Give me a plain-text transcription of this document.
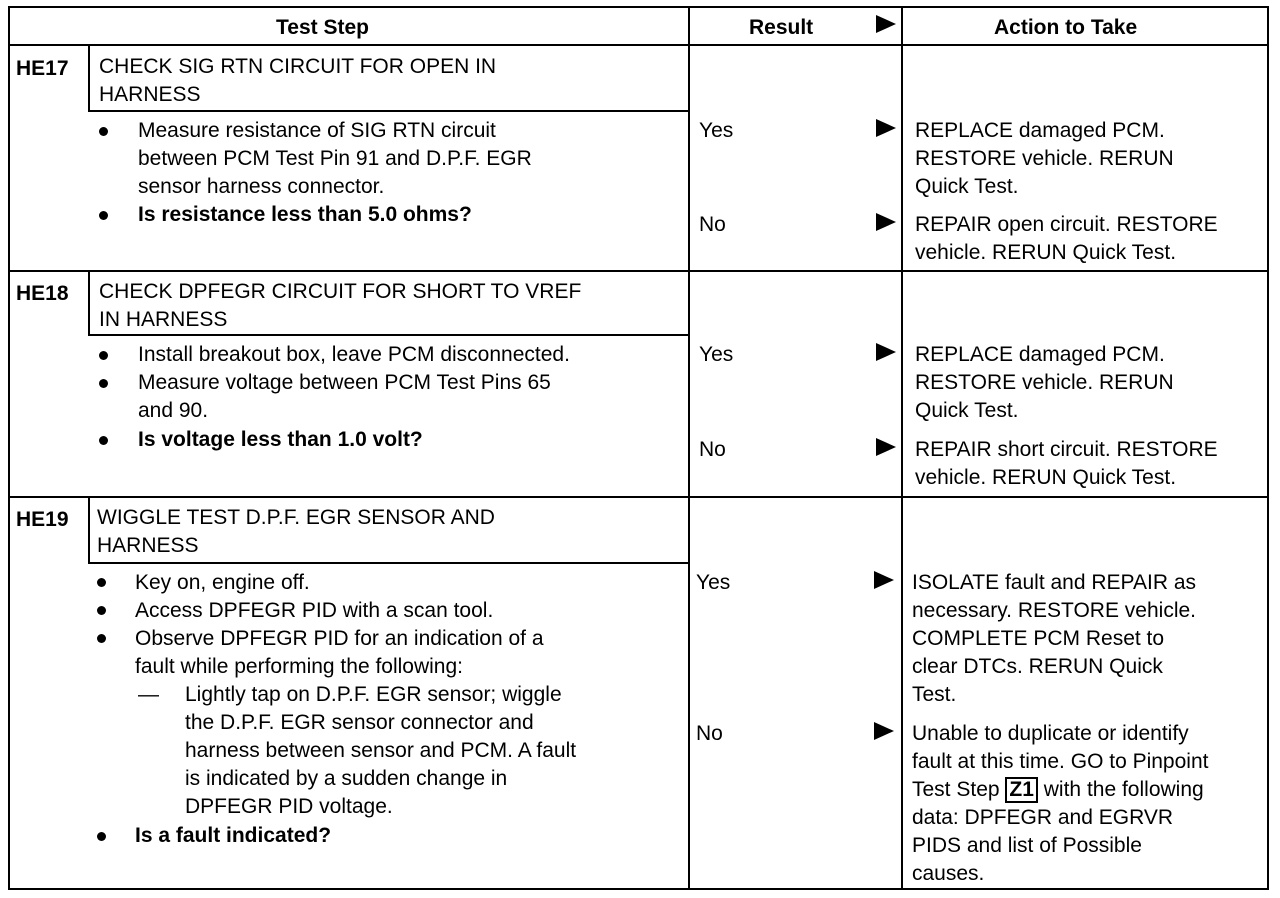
Test Step	Result	Action to Take
HE17 CHECK SIG RTN CIRCUIT FOR OPEN IN
HARNESS
Measure resistance of SIG RTN circuit
between PCM Test Pin 91 and D.P.F. EGR
sensor harness connector.
Is resistance less than 5.0 ohms?
Yes	REPLACE damaged PCM.
RESTORE vehicle. RERUN
Quick Test.
No	REPAIR open circuit. RESTORE
vehicle. RERUN Quick Test.
HE18 CHECK DPFEGR CIRCUIT FOR SHORT TO VREF
IN HARNESS
Install breakout box, leave PCM disconnected.
Measure voltage between PCM Test Pins 65
and 90.
Is voltage less than 1.0 volt?
Yes	REPLACE damaged PCM.
RESTORE vehicle. RERUN
Quick Test.
No	REPAIR short circuit. RESTORE
vehicle. RERUN Quick Test.
HE19 WIGGLE TEST D.P.F. EGR SENSOR AND
HARNESS
Key on, engine off.
Access DPFEGR PID with a scan tool.
Observe DPFEGR PID for an indication of a
fault while performing the following:
— Lightly tap on D.P.F. EGR sensor; wiggle
the D.P.F. EGR sensor connector and
harness between sensor and PCM. A fault
is indicated by a sudden change in
DPFEGR PID voltage.
Is a fault indicated?
Yes	ISOLATE fault and REPAIR as
necessary. RESTORE vehicle.
COMPLETE PCM Reset to
clear DTCs. RERUN Quick
Test.
No	Unable to duplicate or identify
fault at this time. GO to Pinpoint
Test Step Z1 with the following
data: DPFEGR and EGRVR
PIDS and list of Possible
causes.
